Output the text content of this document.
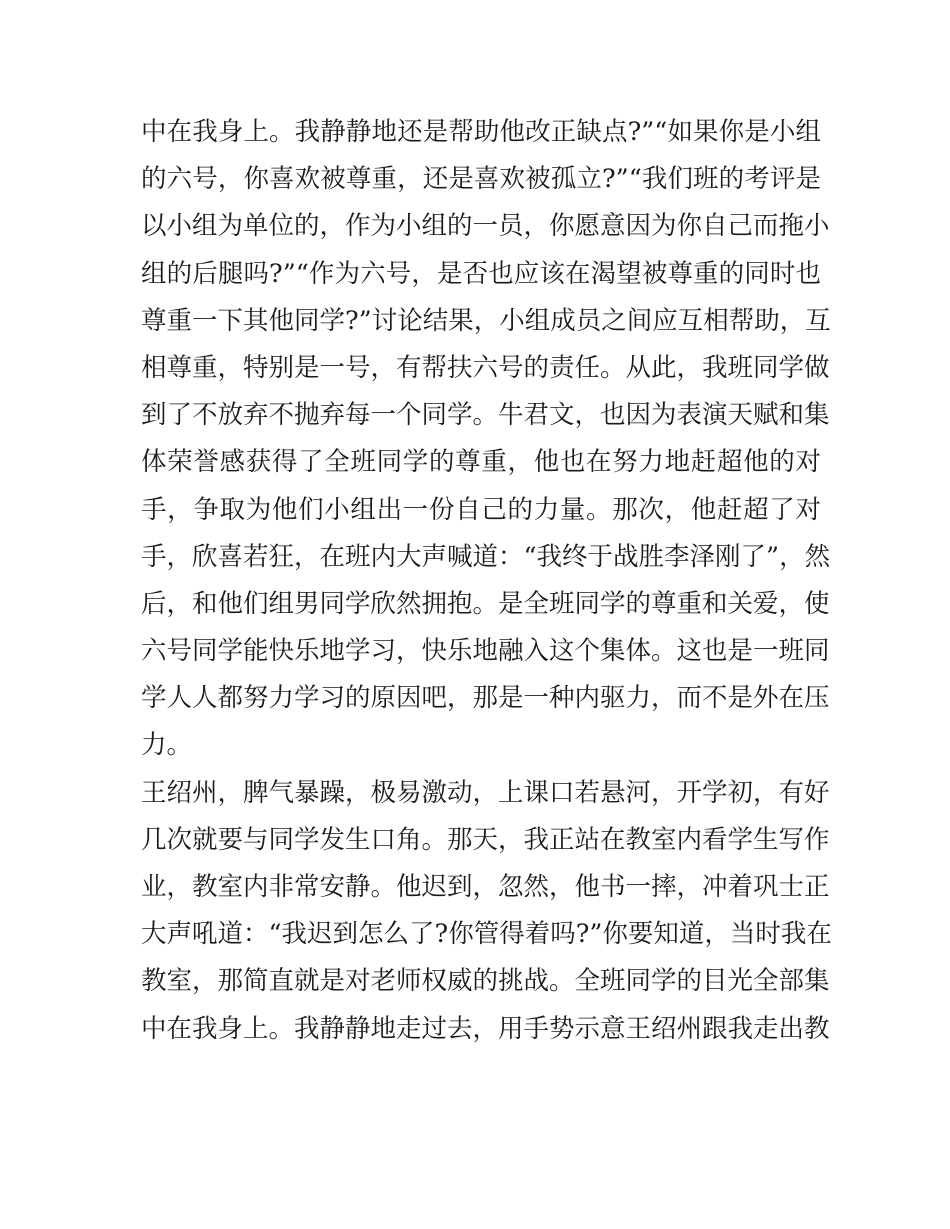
中在我身上。我静静地还是帮助他改正缺点?”“如果你是小组
的六号，你喜欢被尊重，还是喜欢被孤立?”“我们班的考评是
以小组为单位的，作为小组的一员，你愿意因为你自己而拖小
组的后腿吗?”“作为六号，是否也应该在渴望被尊重的同时也
尊重一下其他同学?”讨论结果，小组成员之间应互相帮助，互
相尊重，特别是一号，有帮扶六号的责任。从此，我班同学做
到了不放弃不抛弃每一个同学。牛君文，也因为表演天赋和集
体荣誉感获得了全班同学的尊重，他也在努力地赶超他的对
手，争取为他们小组出一份自己的力量。那次，他赶超了对
手，欣喜若狂，在班内大声喊道：“我终于战胜李泽刚了”，然
后，和他们组男同学欣然拥抱。是全班同学的尊重和关爱，使
六号同学能快乐地学习，快乐地融入这个集体。这也是一班同
学人人都努力学习的原因吧，那是一种内驱力，而不是外在压
力。
王绍州，脾气暴躁，极易激动，上课口若悬河，开学初，有好
几次就要与同学发生口角。那天，我正站在教室内看学生写作
业，教室内非常安静。他迟到，忽然，他书一摔，冲着巩士正
大声吼道：“我迟到怎么了?你管得着吗?”你要知道，当时我在
教室，那简直就是对老师权威的挑战。全班同学的目光全部集
中在我身上。我静静地走过去，用手势示意王绍州跟我走出教
